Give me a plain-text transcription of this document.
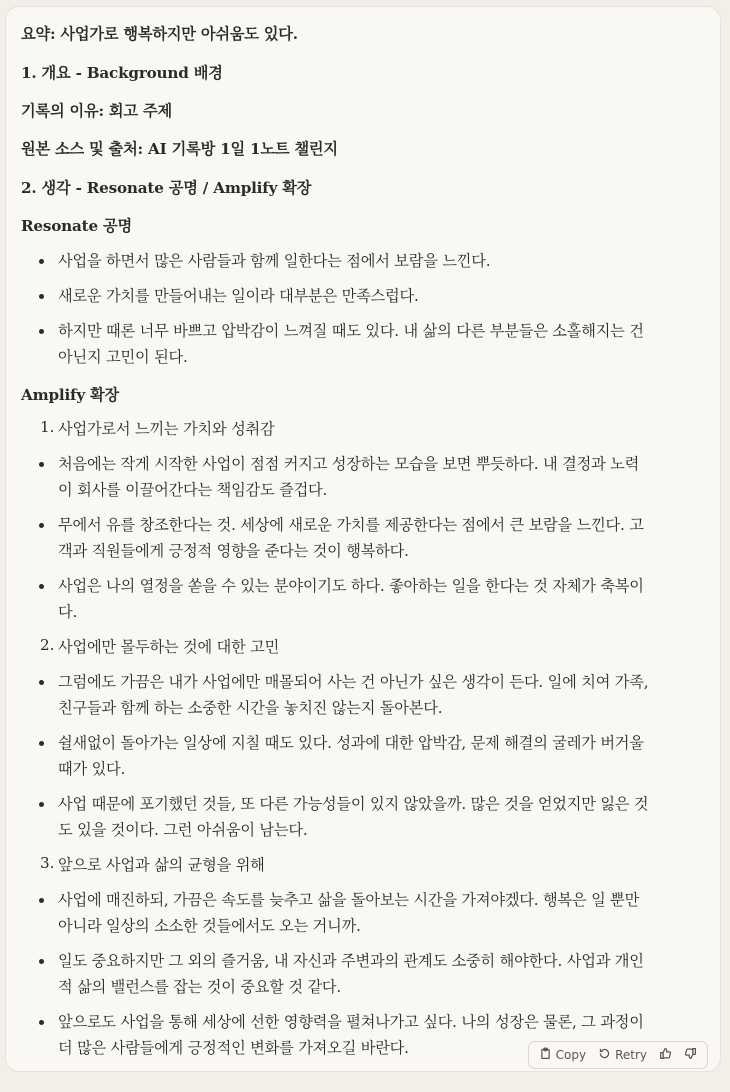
요약: 사업가로 행복하지만 아쉬움도 있다.
1. 개요 - Background 배경
기록의 이유: 회고 주제
원본 소스 및 출처: AI 기록방 1일 1노트 챌린지
2. 생각 - Resonate 공명 / Amplify 확장
Resonate 공명
사업을 하면서 많은 사람들과 함께 일한다는 점에서 보람을 느낀다.
새로운 가치를 만들어내는 일이라 대부분은 만족스럽다.
하지만 때론 너무 바쁘고 압박감이 느껴질 때도 있다. 내 삶의 다른 부분들은 소홀해지는 건
아닌지 고민이 된다.
Amplify 확장
1. 사업가로서 느끼는 가치와 성취감
처음에는 작게 시작한 사업이 점점 커지고 성장하는 모습을 보면 뿌듯하다. 내 결정과 노력
이 회사를 이끌어간다는 책임감도 즐겁다.
무에서 유를 창조한다는 것. 세상에 새로운 가치를 제공한다는 점에서 큰 보람을 느낀다. 고
객과 직원들에게 긍정적 영향을 준다는 것이 행복하다.
사업은 나의 열정을 쏟을 수 있는 분야이기도 하다. 좋아하는 일을 한다는 것 자체가 축복이
다.
2. 사업에만 몰두하는 것에 대한 고민
그럼에도 가끔은 내가 사업에만 매몰되어 사는 건 아닌가 싶은 생각이 든다. 일에 치여 가족,
친구들과 함께 하는 소중한 시간을 놓치진 않는지 돌아본다.
쉴새없이 돌아가는 일상에 지칠 때도 있다. 성과에 대한 압박감, 문제 해결의 굴레가 버거울
때가 있다.
사업 때문에 포기했던 것들, 또 다른 가능성들이 있지 않았을까. 많은 것을 얻었지만 잃은 것
도 있을 것이다. 그런 아쉬움이 남는다.
3. 앞으로 사업과 삶의 균형을 위해
사업에 매진하되, 가끔은 속도를 늦추고 삶을 돌아보는 시간을 가져야겠다. 행복은 일 뿐만
아니라 일상의 소소한 것들에서도 오는 거니까.
일도 중요하지만 그 외의 즐거움, 내 자신과 주변과의 관계도 소중히 해야한다. 사업과 개인
적 삶의 밸런스를 잡는 것이 중요할 것 같다.
앞으로도 사업을 통해 세상에 선한 영향력을 펼쳐나가고 싶다. 나의 성장은 물론, 그 과정이
더 많은 사람들에게 긍정적인 변화를 가져오길 바란다.	Copy Retry
